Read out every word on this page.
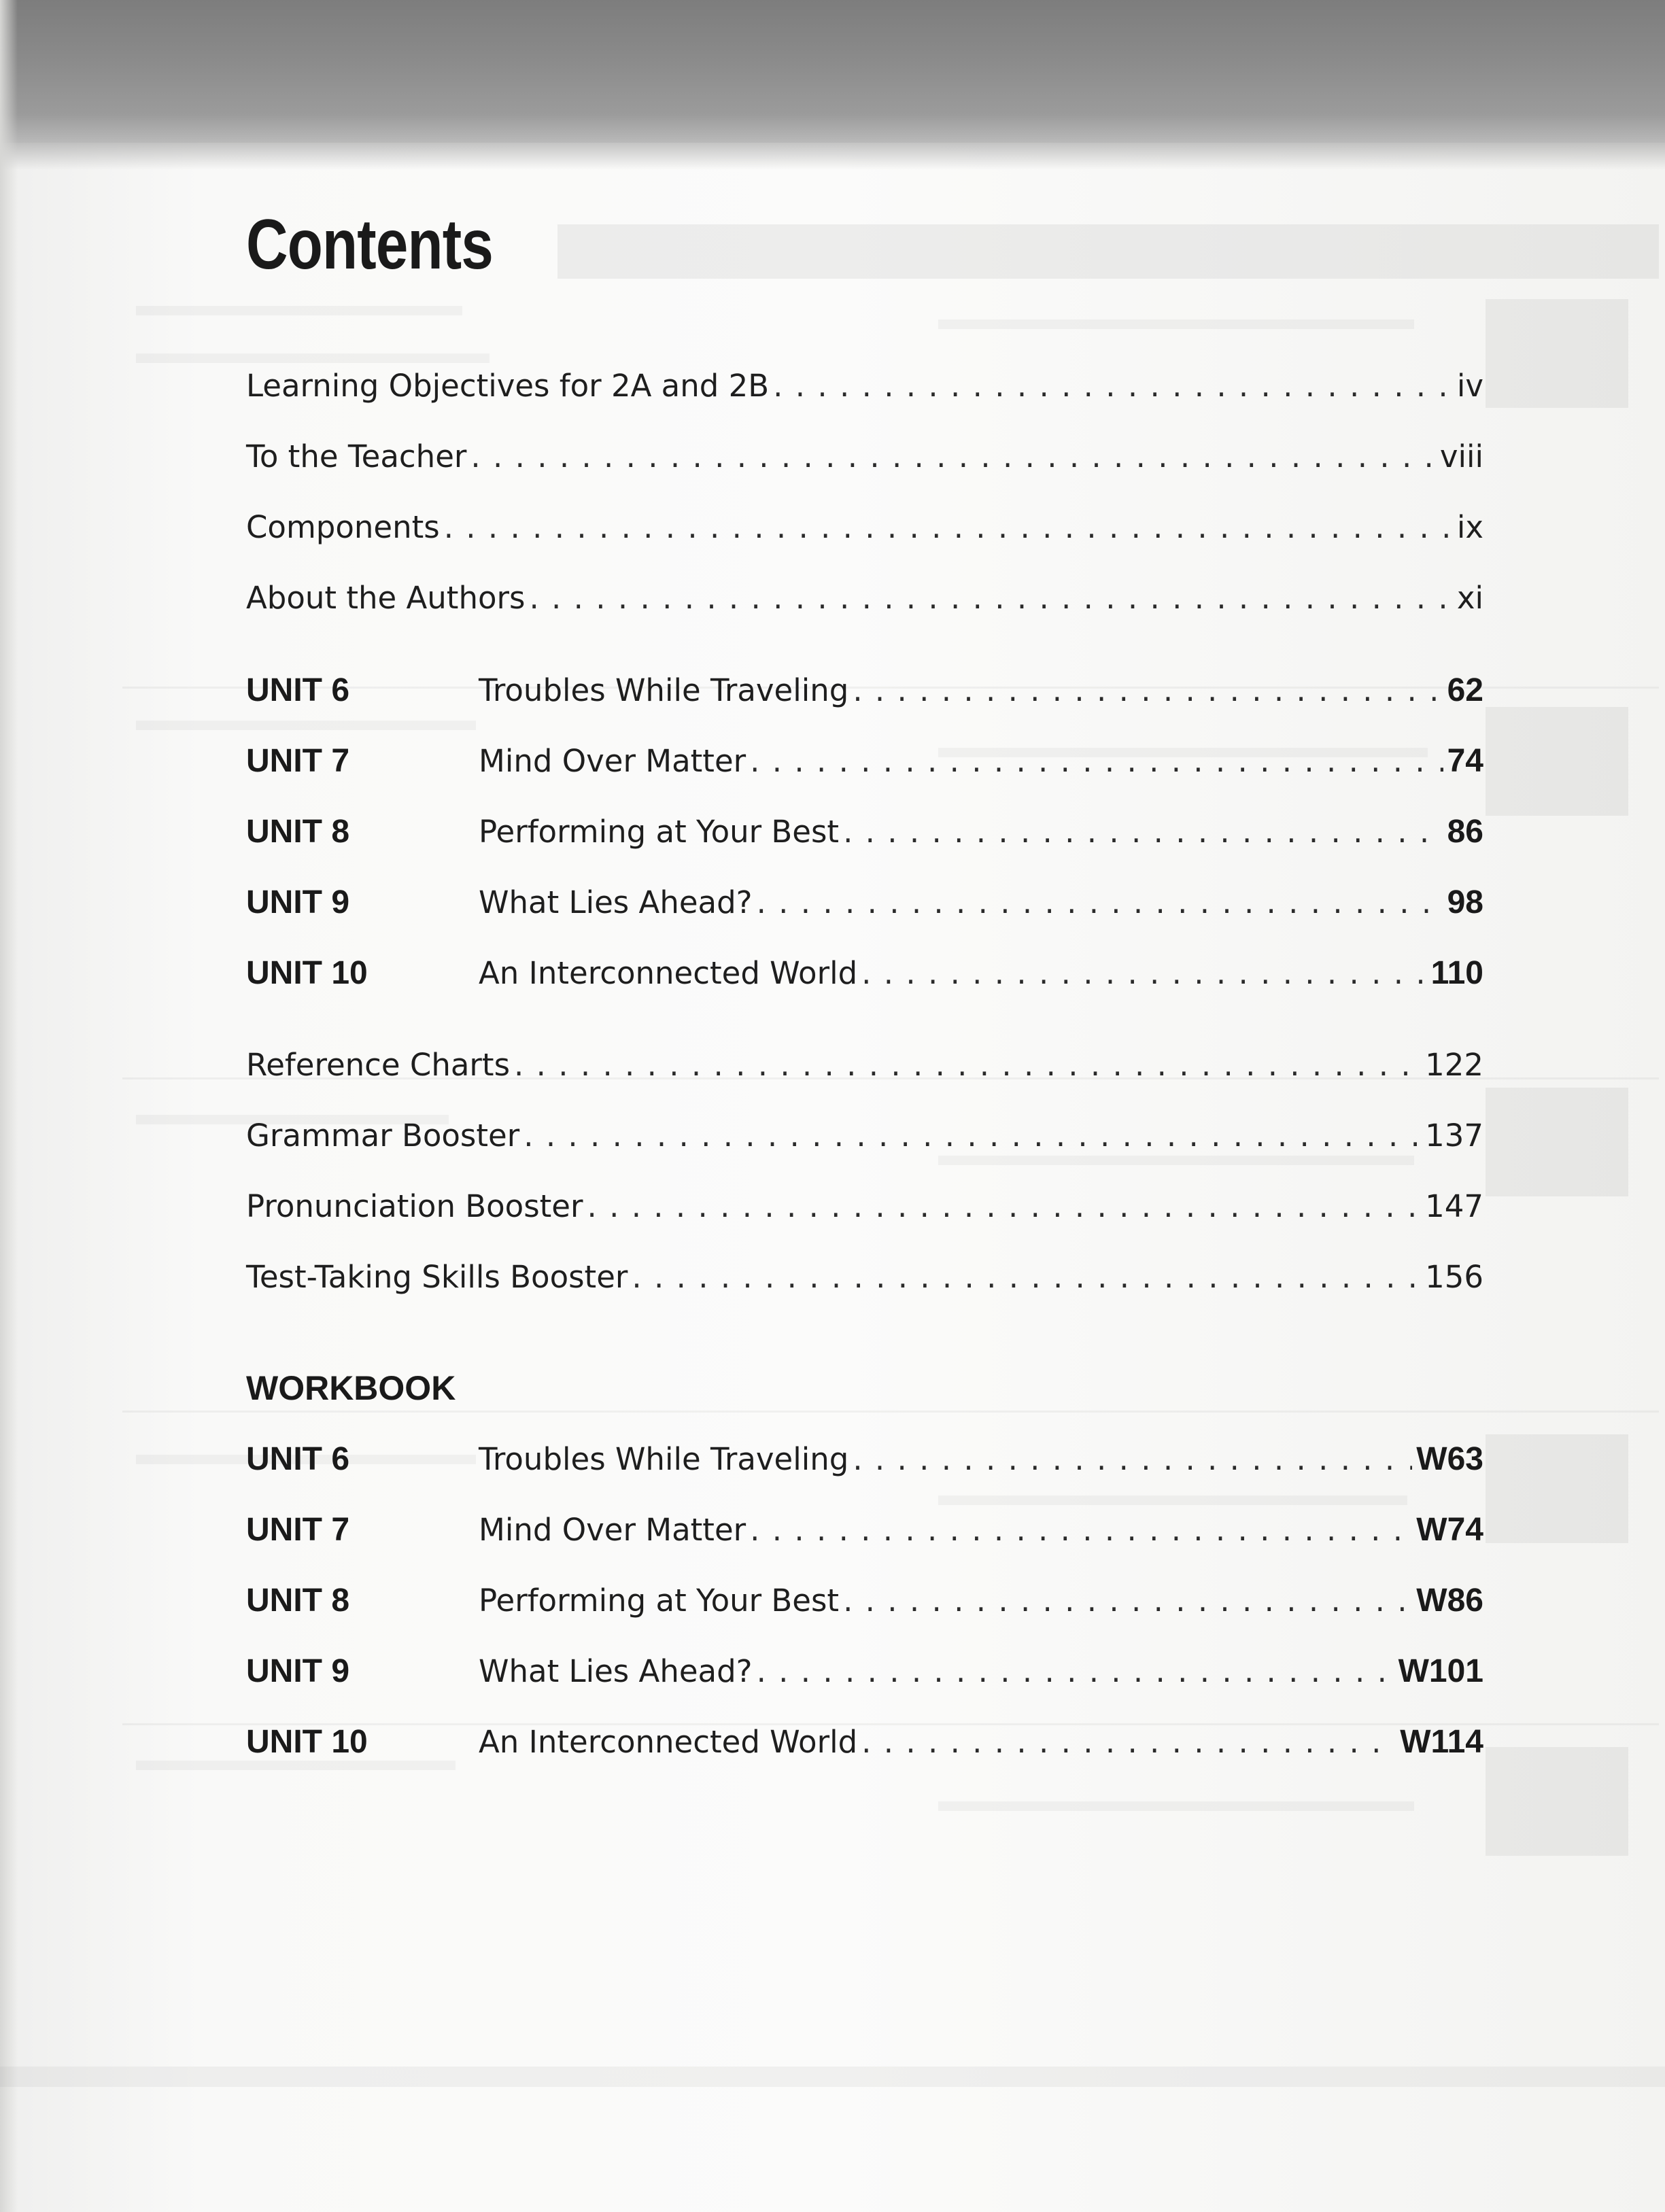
Contents
Learning Objectives for 2A and 2B . . .	iv
To the Teacher . . .	viii
Components . . .	ix
About the Authors . . .	xi
UNIT 6	Troubles While Traveling . . .	62
UNIT 7	Mind Over Matter . . .	74
UNIT 8	Performing at Your Best . . .	86
UNIT 9	What Lies Ahead? . . .	98
UNIT 10	An Interconnected World . . .	110
Reference Charts . . .	122
Grammar Booster . . .	137
Pronunciation Booster . . .	147
Test-Taking Skills Booster . . .	156
WORKBOOK
UNIT 6	Troubles While Traveling . . .	W63
UNIT 7	Mind Over Matter . . .	W74
UNIT 8	Performing at Your Best . . .	W86
UNIT 9	What Lies Ahead? . . .	W101
UNIT 10	An Interconnected World . . .	W114
